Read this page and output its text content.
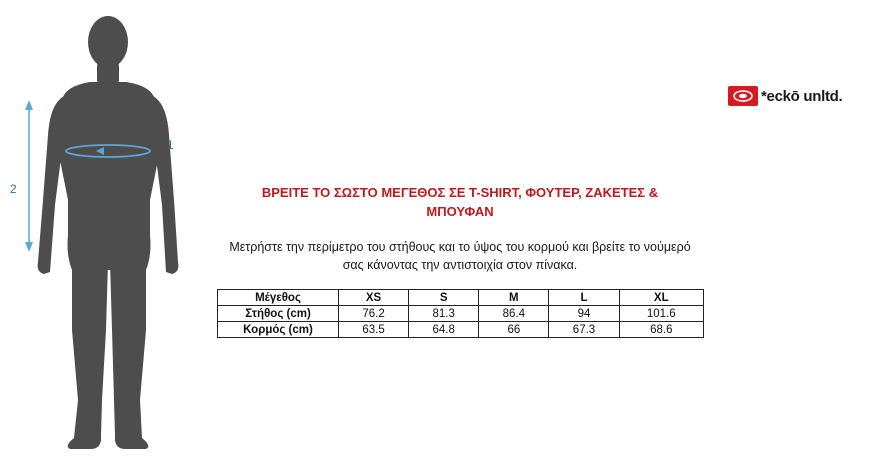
1
2
*eckō unltd.

ΒΡΕΙΤΕ ΤΟ ΣΩΣΤΟ ΜΕΓΕΘΟΣ ΣΕ T-SHIRT, ΦΟΥΤΕΡ, ΖΑΚΕΤΕΣ &
ΜΠΟΥΦΑΝ

Μετρήστε την περίμετρο του στήθους και το ύψος του κορμού και βρείτε το νούμερό
σας κάνοντας την αντιστοιχία στον πίνακα.

Μέγεθος	XS	S	M	L	XL
Στήθος (cm)	76.2	81.3	86.4	94	101.6
Κορμός (cm)	63.5	64.8	66	67.3	68.6
